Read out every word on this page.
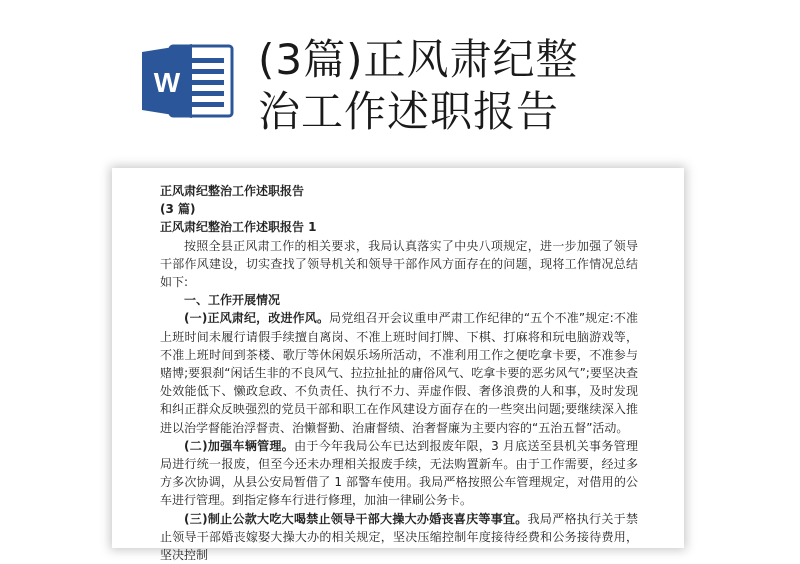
W (3篇)正风肃纪整
治工作述职报告

正风肃纪整治工作述职报告

(3 篇)

正风肃纪整治工作述职报告 1

按照全县正风肃工作的相关要求，我局认真落实了中央八项规定，进一步加强了领导干部作风建设，切实查找了领导机关和领导干部作风方面存在的问题，现将工作情况总结如下:

一、工作开展情况

(一)正风肃纪，改进作风。局党组召开会议重申严肃工作纪律的“五个不准”规定:不准上班时间未履行请假手续擅自离岗、不准上班时间打牌、下棋、打麻将和玩电脑游戏等，不准上班时间到茶楼、歌厅等休闲娱乐场所活动，不准利用工作之便吃拿卡要，不准参与赌博;要狠刹“闲话生非的不良风气、拉拉扯扯的庸俗风气、吃拿卡要的恶劣风气”;要坚决查处效能低下、懒政怠政、不负责任、执行不力、弄虚作假、奢侈浪费的人和事，及时发现和纠正群众反映强烈的党员干部和职工在作风建设方面存在的一些突出问题;要继续深入推进以治学督能治浮督责、治懒督勤、治庸督绩、治奢督廉为主要内容的“五治五督”活动。

(二)加强车辆管理。由于今年我局公车已达到报废年限，3 月底送至县机关事务管理局进行统一报废，但至今还未办理相关报废手续，无法购置新车。由于工作需要，经过多方多次协调，从县公安局暂借了 1 部警车使用。我局严格按照公车管理规定，对借用的公车进行管理。到指定修车行进行修理，加油一律刷公务卡。

(三)制止公款大吃大喝禁止领导干部大操大办婚丧喜庆等事宜。我局严格执行关于禁止领导干部婚丧嫁娶大操大办的相关规定，坚决压缩控制年度接待经费和公务接待费用，坚决控制
